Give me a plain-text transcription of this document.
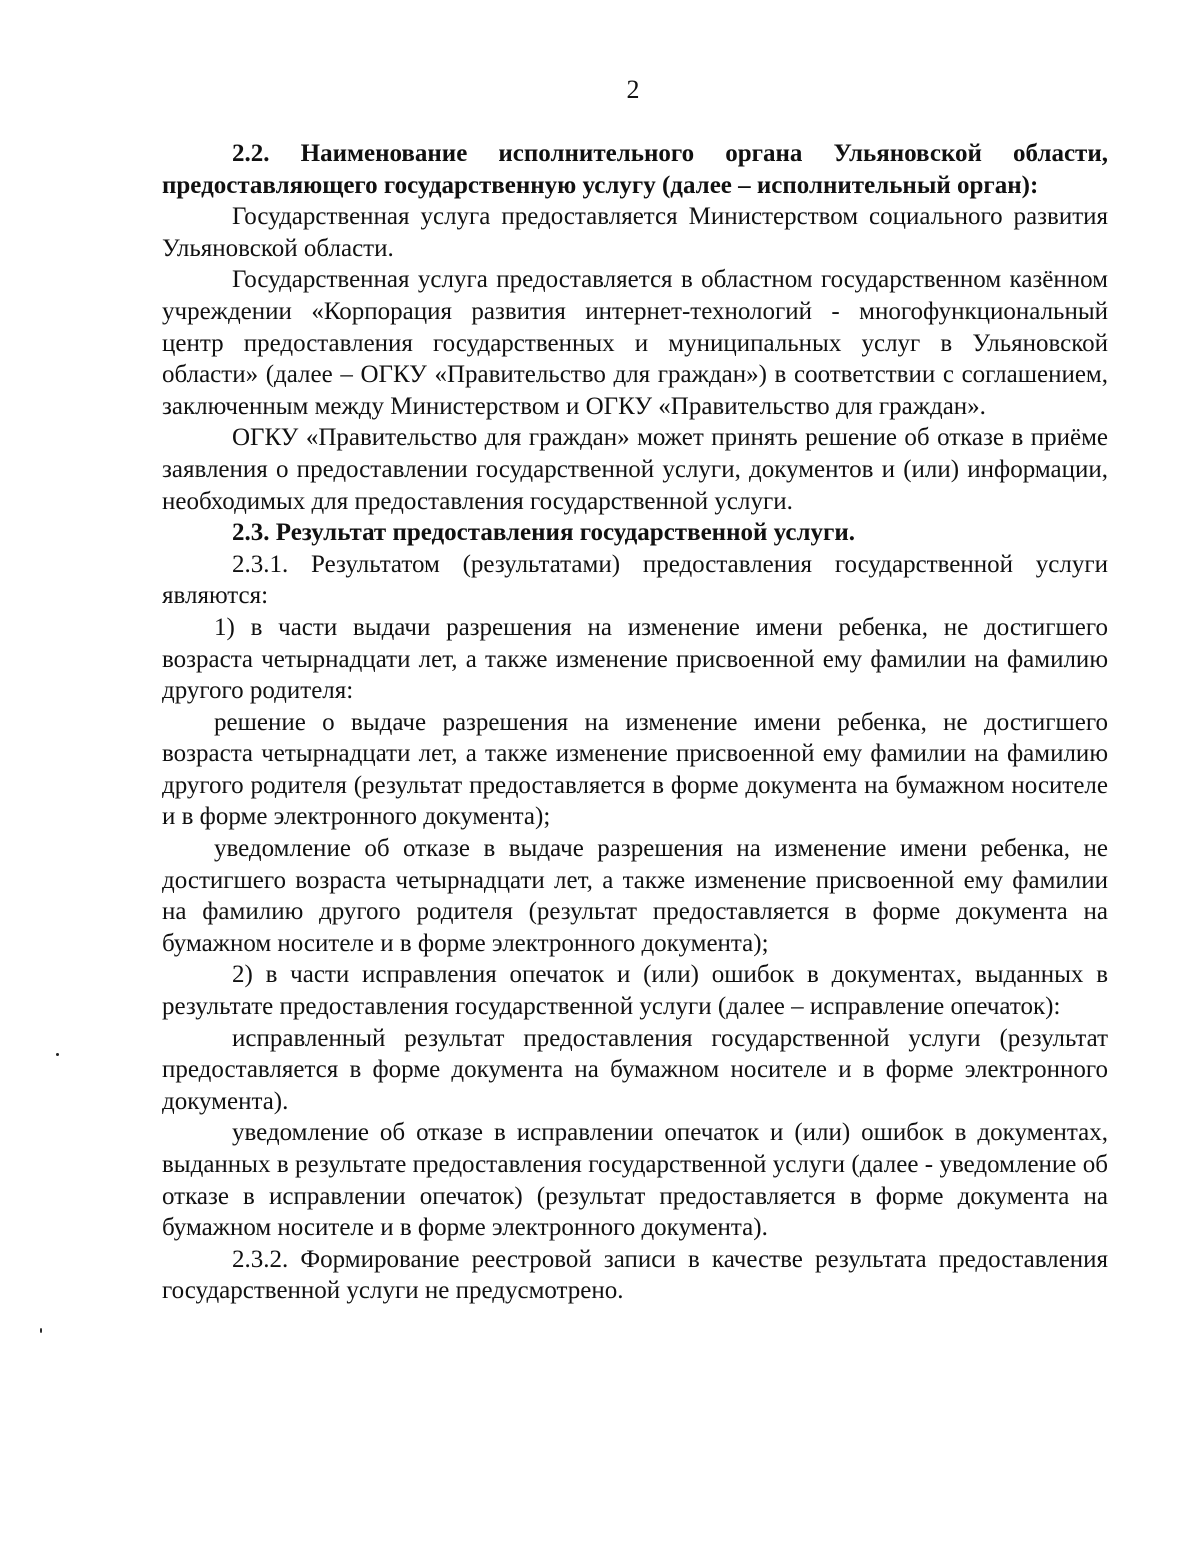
2

2.2. Наименование исполнительного органа Ульяновской области, предоставляющего государственную услугу (далее – исполнительный орган):

Государственная услуга предоставляется Министерством социального развития Ульяновской области.

Государственная услуга предоставляется в областном государственном казённом учреждении «Корпорация развития интернет-технологий - многофункциональный центр предоставления государственных и муниципальных услуг в Ульяновской области» (далее – ОГКУ «Правительство для граждан») в соответствии с соглашением, заключенным между Министерством и ОГКУ «Правительство для граждан».

ОГКУ «Правительство для граждан» может принять решение об отказе в приёме заявления о предоставлении государственной услуги, документов и (или) информации, необходимых для предоставления государственной услуги.

2.3. Результат предоставления государственной услуги.

2.3.1. Результатом (результатами) предоставления государственной услуги являются:

1) в части выдачи разрешения на изменение имени ребенка, не достигшего возраста четырнадцати лет, а также изменение присвоенной ему фамилии на фамилию другого родителя:

решение о выдаче разрешения на изменение имени ребенка, не достигшего возраста четырнадцати лет, а также изменение присвоенной ему фамилии на фамилию другого родителя (результат предоставляется в форме документа на бумажном носителе и в форме электронного документа);

уведомление об отказе в выдаче разрешения на изменение имени ребенка, не достигшего возраста четырнадцати лет, а также изменение присвоенной ему фамилии на фамилию другого родителя (результат предоставляется в форме документа на бумажном носителе и в форме электронного документа);

2) в части исправления опечаток и (или) ошибок в документах, выданных в результате предоставления государственной услуги (далее – исправление опечаток):

исправленный результат предоставления государственной услуги (результат предоставляется в форме документа на бумажном носителе и в форме электронного документа).

уведомление об отказе в исправлении опечаток и (или) ошибок в документах, выданных в результате предоставления государственной услуги (далее - уведомление об отказе в исправлении опечаток) (результат предоставляется в форме документа на бумажном носителе и в форме электронного документа).

2.3.2. Формирование реестровой записи в качестве результата предоставления государственной услуги не предусмотрено.
